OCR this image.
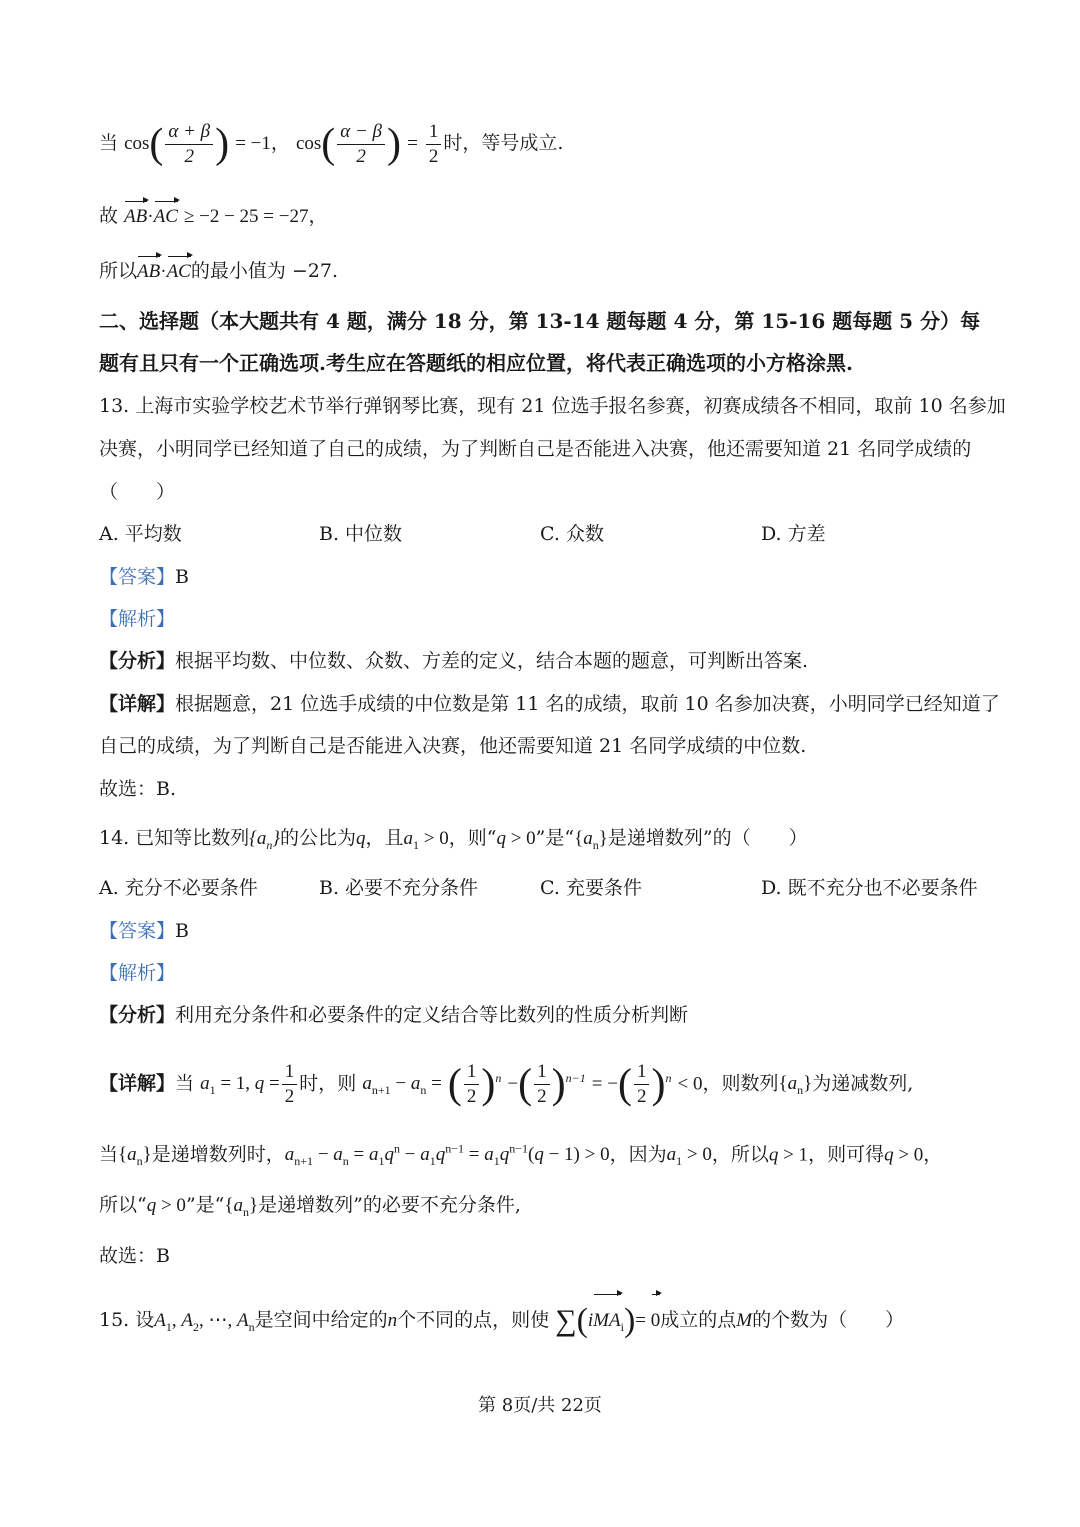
当 $\cos( \frac{\alpha + \beta}{2}$ ) = −1， $\cos( \frac{\alpha - \beta}{2}$ ) = $\frac{1}{2}$ 时，等号成立.
故 AB·AC ≥ −2 − 25 = −27，
所以AB·AC的最小值为 −27.
二、选择题（本大题共有 4 题，满分 18 分，第 13-14 题每题 4 分，第 15-16 题每题 5 分）每
题有且只有一个正确选项.考生应在答题纸的相应位置，将代表正确选项的小方格涂黑.
13. 上海市实验学校艺术节举行弹钢琴比赛，现有 21 位选手报名参赛，初赛成绩各不相同，取前 10 名参加
决赛，小明同学已经知道了自己的成绩，为了判断自己是否能进入决赛，他还需要知道 21 名同学成绩的
（　　）
A. 平均数	B. 中位数	C. 众数	D. 方差
【答案】B
【解析】
【分析】根据平均数、中位数、众数、方差的定义，结合本题的题意，可判断出答案.
【详解】根据题意，21 位选手成绩的中位数是第 11 名的成绩，取前 10 名参加决赛，小明同学已经知道了
自己的成绩，为了判断自己是否能进入决赛，他还需要知道 21 名同学成绩的中位数.
故选：B.
14. 已知等比数列$\{a_n\}$的公比为q，且$a_1 > 0$，则“q > 0”是“$\{a_n\}$是递增数列”的（　　）
A. 充分不必要条件	B. 必要不充分条件	C. 充要条件	D. 既不充分也不必要条件
【答案】B
【解析】
【分析】利用充分条件和必要条件的定义结合等比数列的性质分析判断
【详解】当 $a_1 = 1$, $q = \frac{1}{2}$ 时，则 $a_{n+1} - a_n$ = ( $\frac{1}{2} )^n$ −( $\frac{1}{2} )^{n-1}$ = −( $\frac{1}{2} )^n < 0$，则数列$\{a_n\}$为递减数列,
当$\{a_n\}$是递增数列时，$a_{n+1} - a_n = a_1q^n - a_1q^{n-1} = a_1q^{n-1}(q - 1) > 0$，因为$a_1 > 0$，所以q > 1，则可得q > 0，
所以“q > 0”是“$\{a_n\}$是递增数列”的必要不充分条件,
故选：B
15. 设$A_1$, $A_2$, ⋯, $A_n$是空间中给定的n个不同的点，则使 ∑(iMA$_i$)= 0成立的点M的个数为（　　）
第 8页/共 22页
